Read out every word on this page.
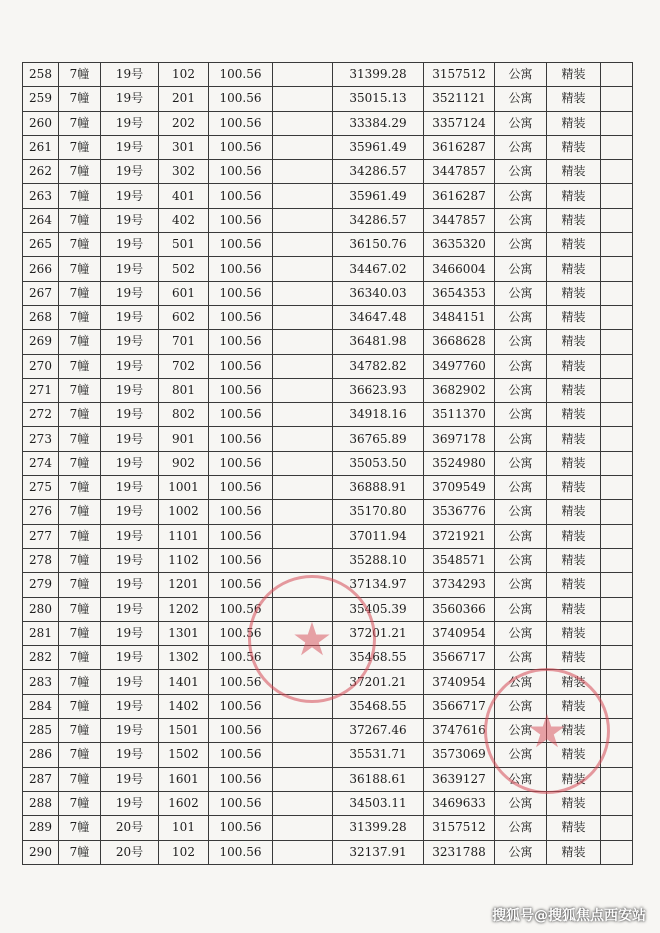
258	7幢	19号	102	100.56		31399.28	3157512	公寓	精装	
259	7幢	19号	201	100.56		35015.13	3521121	公寓	精装	
260	7幢	19号	202	100.56		33384.29	3357124	公寓	精装	
261	7幢	19号	301	100.56		35961.49	3616287	公寓	精装	
262	7幢	19号	302	100.56		34286.57	3447857	公寓	精装	
263	7幢	19号	401	100.56		35961.49	3616287	公寓	精装	
264	7幢	19号	402	100.56		34286.57	3447857	公寓	精装	
265	7幢	19号	501	100.56		36150.76	3635320	公寓	精装	
266	7幢	19号	502	100.56		34467.02	3466004	公寓	精装	
267	7幢	19号	601	100.56		36340.03	3654353	公寓	精装	
268	7幢	19号	602	100.56		34647.48	3484151	公寓	精装	
269	7幢	19号	701	100.56		36481.98	3668628	公寓	精装	
270	7幢	19号	702	100.56		34782.82	3497760	公寓	精装	
271	7幢	19号	801	100.56		36623.93	3682902	公寓	精装	
272	7幢	19号	802	100.56		34918.16	3511370	公寓	精装	
273	7幢	19号	901	100.56		36765.89	3697178	公寓	精装	
274	7幢	19号	902	100.56		35053.50	3524980	公寓	精装	
275	7幢	19号	1001	100.56		36888.91	3709549	公寓	精装	
276	7幢	19号	1002	100.56		35170.80	3536776	公寓	精装	
277	7幢	19号	1101	100.56		37011.94	3721921	公寓	精装	
278	7幢	19号	1102	100.56		35288.10	3548571	公寓	精装	
279	7幢	19号	1201	100.56		37134.97	3734293	公寓	精装	
280	7幢	19号	1202	100.56		35405.39	3560366	公寓	精装	
281	7幢	19号	1301	100.56		37201.21	3740954	公寓	精装	
282	7幢	19号	1302	100.56		35468.55	3566717	公寓	精装	
283	7幢	19号	1401	100.56		37201.21	3740954	公寓	精装	
284	7幢	19号	1402	100.56		35468.55	3566717	公寓	精装	
285	7幢	19号	1501	100.56		37267.46	3747616	公寓	精装	
286	7幢	19号	1502	100.56		35531.71	3573069	公寓	精装	
287	7幢	19号	1601	100.56		36188.61	3639127	公寓	精装	
288	7幢	19号	1602	100.56		34503.11	3469633	公寓	精装	
289	7幢	20号	101	100.56		31399.28	3157512	公寓	精装	
290	7幢	20号	102	100.56		32137.91	3231788	公寓	精装	
★
★
搜狐号@搜狐焦点西安站
